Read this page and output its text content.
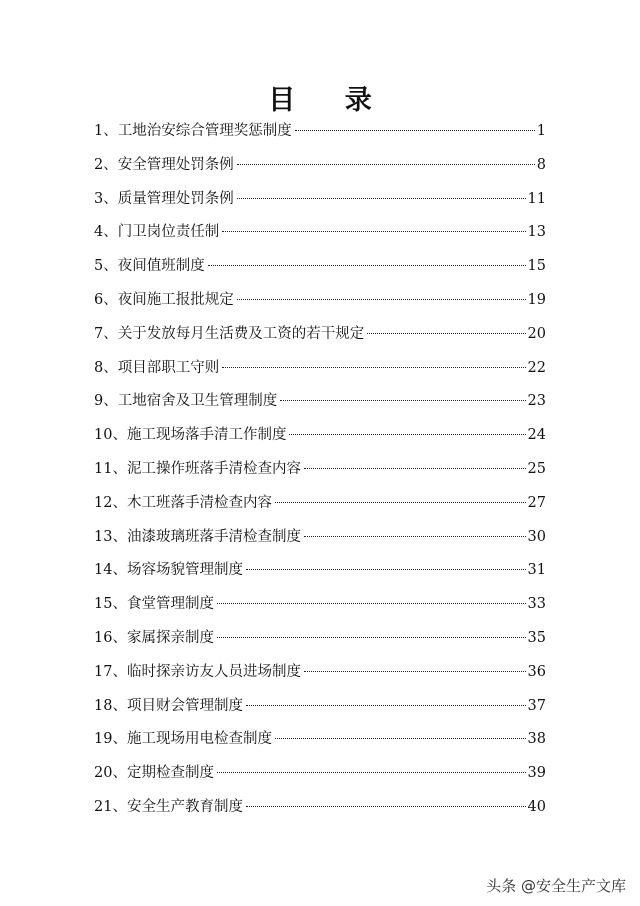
目 录
1、工地治安综合管理奖惩制度	1
2、安全管理处罚条例	8
3、质量管理处罚条例	11
4、门卫岗位责任制	13
5、夜间值班制度	15
6、夜间施工报批规定	19
7、关于发放每月生活费及工资的若干规定	20
8、项目部职工守则	22
9、工地宿舍及卫生管理制度	23
10、施工现场落手清工作制度	24
11、泥工操作班落手清检查内容	25
12、木工班落手清检查内容	27
13、油漆玻璃班落手清检查制度	30
14、场容场貌管理制度	31
15、食堂管理制度	33
16、家属探亲制度	35
17、临时探亲访友人员进场制度	36
18、项目财会管理制度	37
19、施工现场用电检查制度	38
20、定期检查制度	39
21、安全生产教育制度	40
头条 @安全生产文库
